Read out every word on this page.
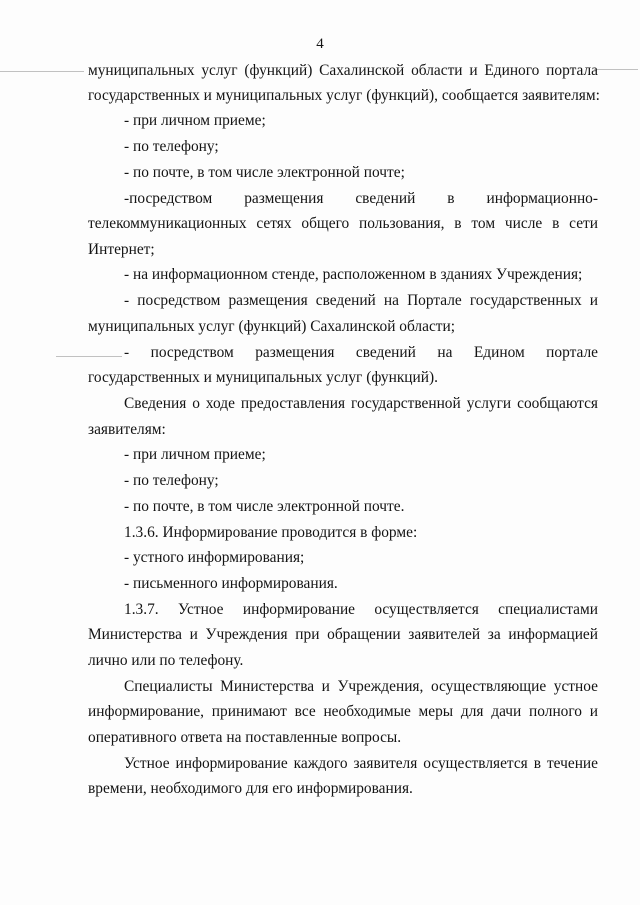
4
муниципальных услуг (функций) Сахалинской области и Единого портала
государственных и муниципальных услуг (функций), сообщается заявителям:
- при личном приеме;
- по телефону;
- по почте, в том числе электронной почте;
-посредством размещения сведений в информационно-
телекоммуникационных сетях общего пользования, в том числе в сети
Интернет;
- на информационном стенде, расположенном в зданиях Учреждения;
- посредством размещения сведений на Портале государственных и
муниципальных услуг (функций) Сахалинской области;
- посредством размещения сведений на Едином портале
государственных и муниципальных услуг (функций).
Сведения о ходе предоставления государственной услуги сообщаются
заявителям:
- при личном приеме;
- по телефону;
- по почте, в том числе электронной почте.
1.3.6. Информирование проводится в форме:
- устного информирования;
- письменного информирования.
1.3.7. Устное информирование осуществляется специалистами
Министерства и Учреждения при обращении заявителей за информацией
лично или по телефону.
Специалисты Министерства и Учреждения, осуществляющие устное
информирование, принимают все необходимые меры для дачи полного и
оперативного ответа на поставленные вопросы.
Устное информирование каждого заявителя осуществляется в течение
времени, необходимого для его информирования.
